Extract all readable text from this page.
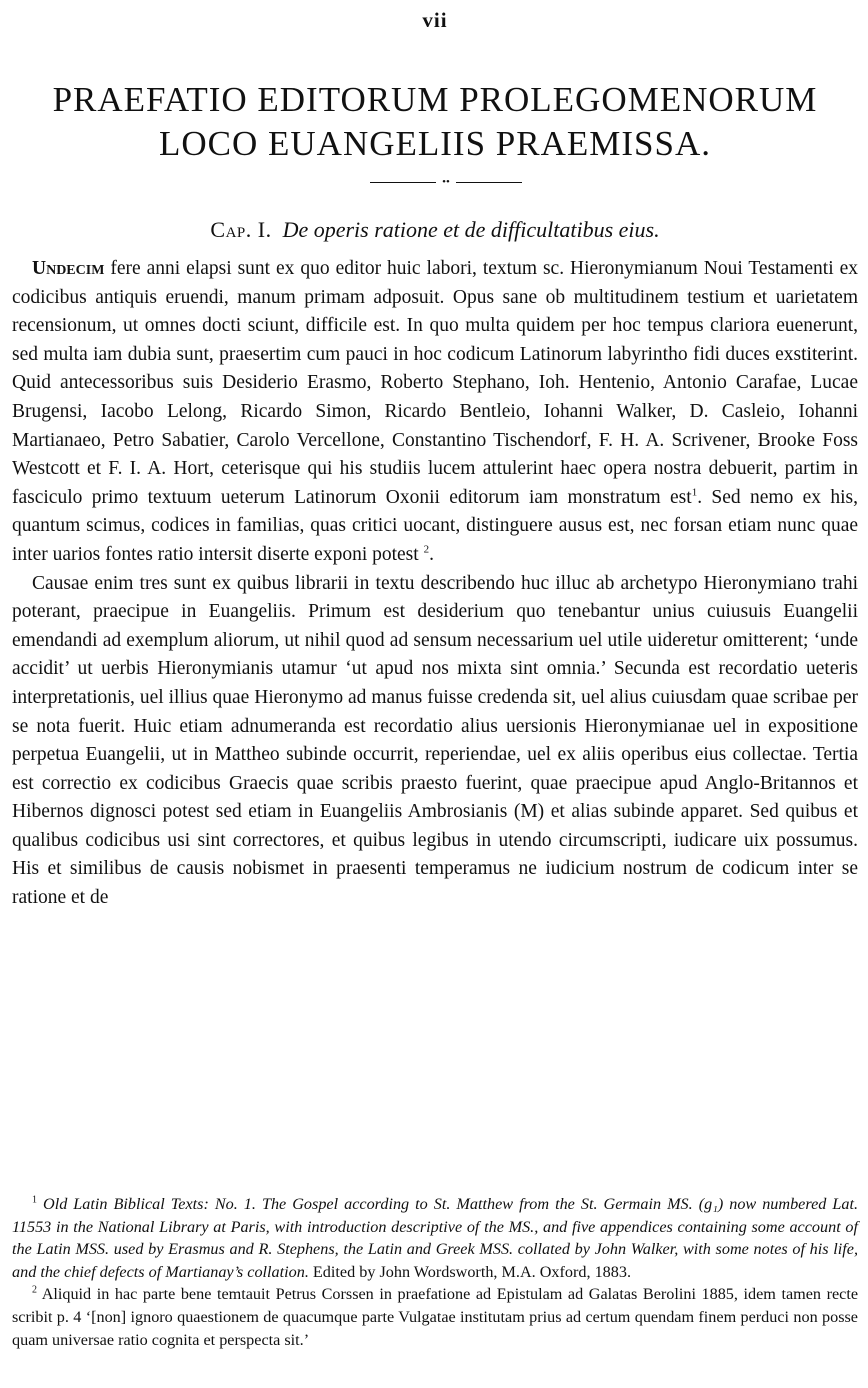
vii
PRAEFATIO EDITORUM PROLEGOMENORUM
LOCO EUANGELIIS PRAEMISSA.
••
Cap. I. De operis ratione et de difficultatibus eius.

Undecim fere anni elapsi sunt ex quo editor huic labori, textum sc. Hieronymianum Noui Testamenti ex codicibus antiquis eruendi, manum primam adposuit. Opus sane ob multitudinem testium et uarietatem recensionum, ut omnes docti sciunt, difficile est. In quo multa quidem per hoc tempus clariora euenerunt, sed multa iam dubia sunt, praesertim cum pauci in hoc codicum Latinorum labyrintho fidi duces exstiterint. Quid antecessoribus suis Desiderio Erasmo, Roberto Stephano, Ioh. Hentenio, Antonio Carafae, Lucae Brugensi, Iacobo Lelong, Ricardo Simon, Ricardo Bentleio, Iohanni Walker, D. Casleio, Iohanni Martianaeo, Petro Sabatier, Carolo Vercellone, Constantino Tischendorf, F. H. A. Scrivener, Brooke Foss Westcott et F. I. A. Hort, ceterisque qui his studiis lucem attulerint haec opera nostra debuerit, partim in fasciculo primo textuum ueterum Latinorum Oxonii editorum iam monstratum est$^1$. Sed nemo ex his, quantum scimus, codices in familias, quas critici uocant, distinguere ausus est, nec forsan etiam nunc quae inter uarios fontes ratio intersit diserte exponi potest $^2$.

Causae enim tres sunt ex quibus librarii in textu describendo huc illuc ab archetypo Hieronymiano trahi poterant, praecipue in Euangeliis. Primum est desiderium quo tenebantur unius cuiusuis Euangelii emendandi ad exemplum aliorum, ut nihil quod ad sensum necessarium uel utile uideretur omitterent; ‘unde accidit’ ut uerbis Hieronymianis utamur ‘ut apud nos mixta sint omnia.’ Secunda est recordatio ueteris interpretationis, uel illius quae Hieronymo ad manus fuisse credenda sit, uel alius cuiusdam quae scribae per se nota fuerit. Huic etiam adnumeranda est recordatio alius uersionis Hieronymianae uel in expositione perpetua Euangelii, ut in Mattheo subinde occurrit, reperiendae, uel ex aliis operibus eius collectae. Tertia est correctio ex codicibus Graecis quae scribis praesto fuerint, quae praecipue apud Anglo-Britannos et Hibernos dignosci potest sed etiam in Euangeliis Ambrosianis (M) et alias subinde apparet. Sed quibus et qualibus codicibus usi sint correctores, et quibus legibus in utendo circumscripti, iudicare uix possumus. His et similibus de causis nobismet in praesenti temperamus ne iudicium nostrum de codicum inter se ratione et de

$^1$ Old Latin Biblical Texts: No. 1. The Gospel according to St. Matthew from the St. Germain MS. (g₁) now numbered Lat. 11553 in the National Library at Paris, with introduction descriptive of the MS., and five appendices containing some account of the Latin MSS. used by Erasmus and R. Stephens, the Latin and Greek MSS. collated by John Walker, with some notes of his life, and the chief defects of Martianay’s collation. Edited by John Wordsworth, M.A. Oxford, 1883.

$^2$ Aliquid in hac parte bene temtauit Petrus Corssen in praefatione ad Epistulam ad Galatas Berolini 1885, idem tamen recte scribit p. 4 ‘[non] ignoro quaestionem de quacumque parte Vulgatae institutam prius ad certum quendam finem perduci non posse quam universae ratio cognita et perspecta sit.’
